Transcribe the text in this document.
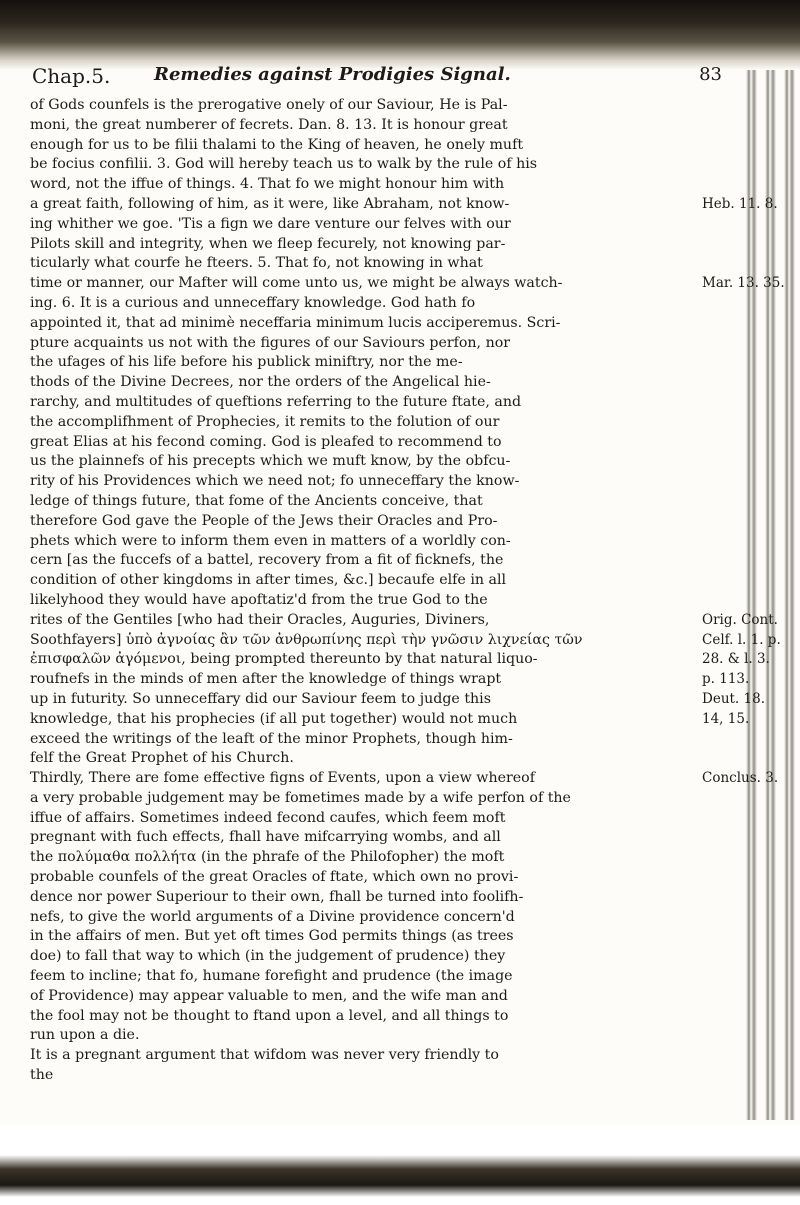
Chap.5. Remedies against Prodigies Signal.	83
of Gods counfels is the prerogative onely of our Saviour, He is Pal-
moni, the great numberer of fecrets. Dan. 8. 13. It is honour great
enough for us to be filii thalami to the King of heaven, he onely muft
be focius confilii. 3. God will hereby teach us to walk by the rule of his
word, not the iffue of things. 4. That fo we might honour him with
a great faith, following of him, as it were, like Abraham, not know-
ing whither we goe. 'Tis a fign we dare venture our felves with our
Pilots skill and integrity, when we fleep fecurely, not knowing par-
ticularly what courfe he fteers. 5. That fo, not knowing in what
time or manner, our Mafter will come unto us, we might be always watch-
ing. 6. It is a curious and unneceffary knowledge. God hath fo
appointed it, that ad minimè neceffaria minimum lucis acciperemus. Scri-
pture acquaints us not with the figures of our Saviours perfon, nor
the ufages of his life before his publick miniftry, nor the me-
thods of the Divine Decrees, nor the orders of the Angelical hie-
rarchy, and multitudes of queftions referring to the future ftate, and
the accomplifhment of Prophecies, it remits to the folution of our
great Elias at his fecond coming. God is pleafed to recommend to
us the plainnefs of his precepts which we muft know, by the obfcu-
rity of his Providences which we need not; fo unneceffary the know-
ledge of things future, that fome of the Ancients conceive, that
therefore God gave the People of the Jews their Oracles and Pro-
phets which were to inform them even in matters of a worldly con-
cern [as the fuccefs of a battel, recovery from a fit of ficknefs, the
condition of other kingdoms in after times, &c.] becaufe elfe in all
likelyhood they would have apoftatiz'd from the true God to the
rites of the Gentiles [who had their Oracles, Auguries, Diviners,
Soothfayers] ὑπὸ ἀγνοίας ἂν τῶν ἀνθρωπίνης περὶ τὴν γνῶσιν λιχνείας τῶν
ἐπισφαλῶν ἀγόμενοι, being prompted thereunto by that natural liquo-
roufnefs in the minds of men after the knowledge of things wrapt
up in futurity. So unneceffary did our Saviour feem to judge this
knowledge, that his prophecies (if all put together) would not much
exceed the writings of the leaft of the minor Prophets, though him-
felf the Great Prophet of his Church.
Thirdly, There are fome effective figns of Events, upon a view whereof
a very probable judgement may be fometimes made by a wife perfon of the
iffue of affairs. Sometimes indeed fecond caufes, which feem moft
pregnant with fuch effects, fhall have mifcarrying wombs, and all
the πολύμαθα πολλήτα (in the phrafe of the Philofopher) the moft
probable counfels of the great Oracles of ftate, which own no provi-
dence nor power Superiour to their own, fhall be turned into foolifh-
nefs, to give the world arguments of a Divine providence concern'd
in the affairs of men. But yet oft times God permits things (as trees
doe) to fall that way to which (in the judgement of prudence) they
feem to incline; that fo, humane forefight and prudence (the image
of Providence) may appear valuable to men, and the wife man and
the fool may not be thought to ftand upon a level, and all things to
run upon a die.
It is a pregnant argument that wifdom was never very friendly to
the
Heb. 11. 8.
Mar. 13. 35.
Orig. Cont.
Celf. l. 1. p.
28. & l. 3.
p. 113.
Deut. 18.
14, 15.
Conclus. 3.
